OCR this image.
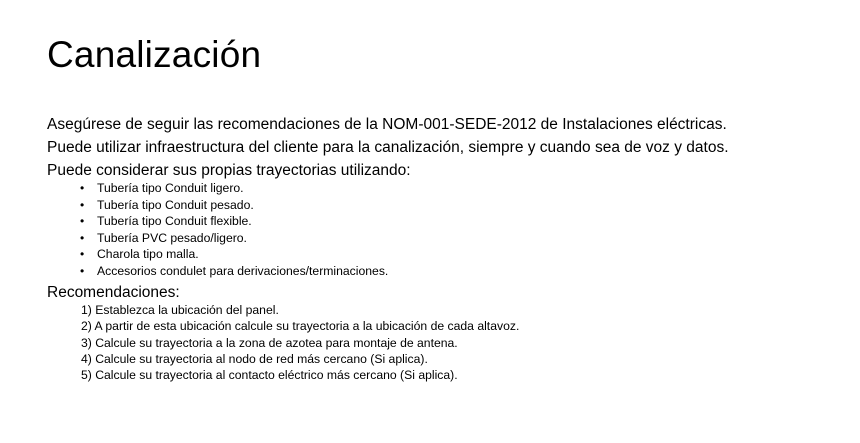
Canalización

Asegúrese de seguir las recomendaciones de la NOM-001-SEDE-2012 de Instalaciones eléctricas.

Puede utilizar infraestructura del cliente para la canalización, siempre y cuando sea de voz y datos.

Puede considerar sus propias trayectorias utilizando:

• Tubería tipo Conduit ligero.
• Tubería tipo Conduit pesado.
• Tubería tipo Conduit flexible.
• Tubería PVC pesado/ligero.
• Charola tipo malla.
• Accesorios condulet para derivaciones/terminaciones.

Recomendaciones:

1) Establezca la ubicación del panel.
2) A partir de esta ubicación calcule su trayectoria a la ubicación de cada altavoz.
3) Calcule su trayectoria a la zona de azotea para montaje de antena.
4) Calcule su trayectoria al nodo de red más cercano (Si aplica).
5) Calcule su trayectoria al contacto eléctrico más cercano (Si aplica).
